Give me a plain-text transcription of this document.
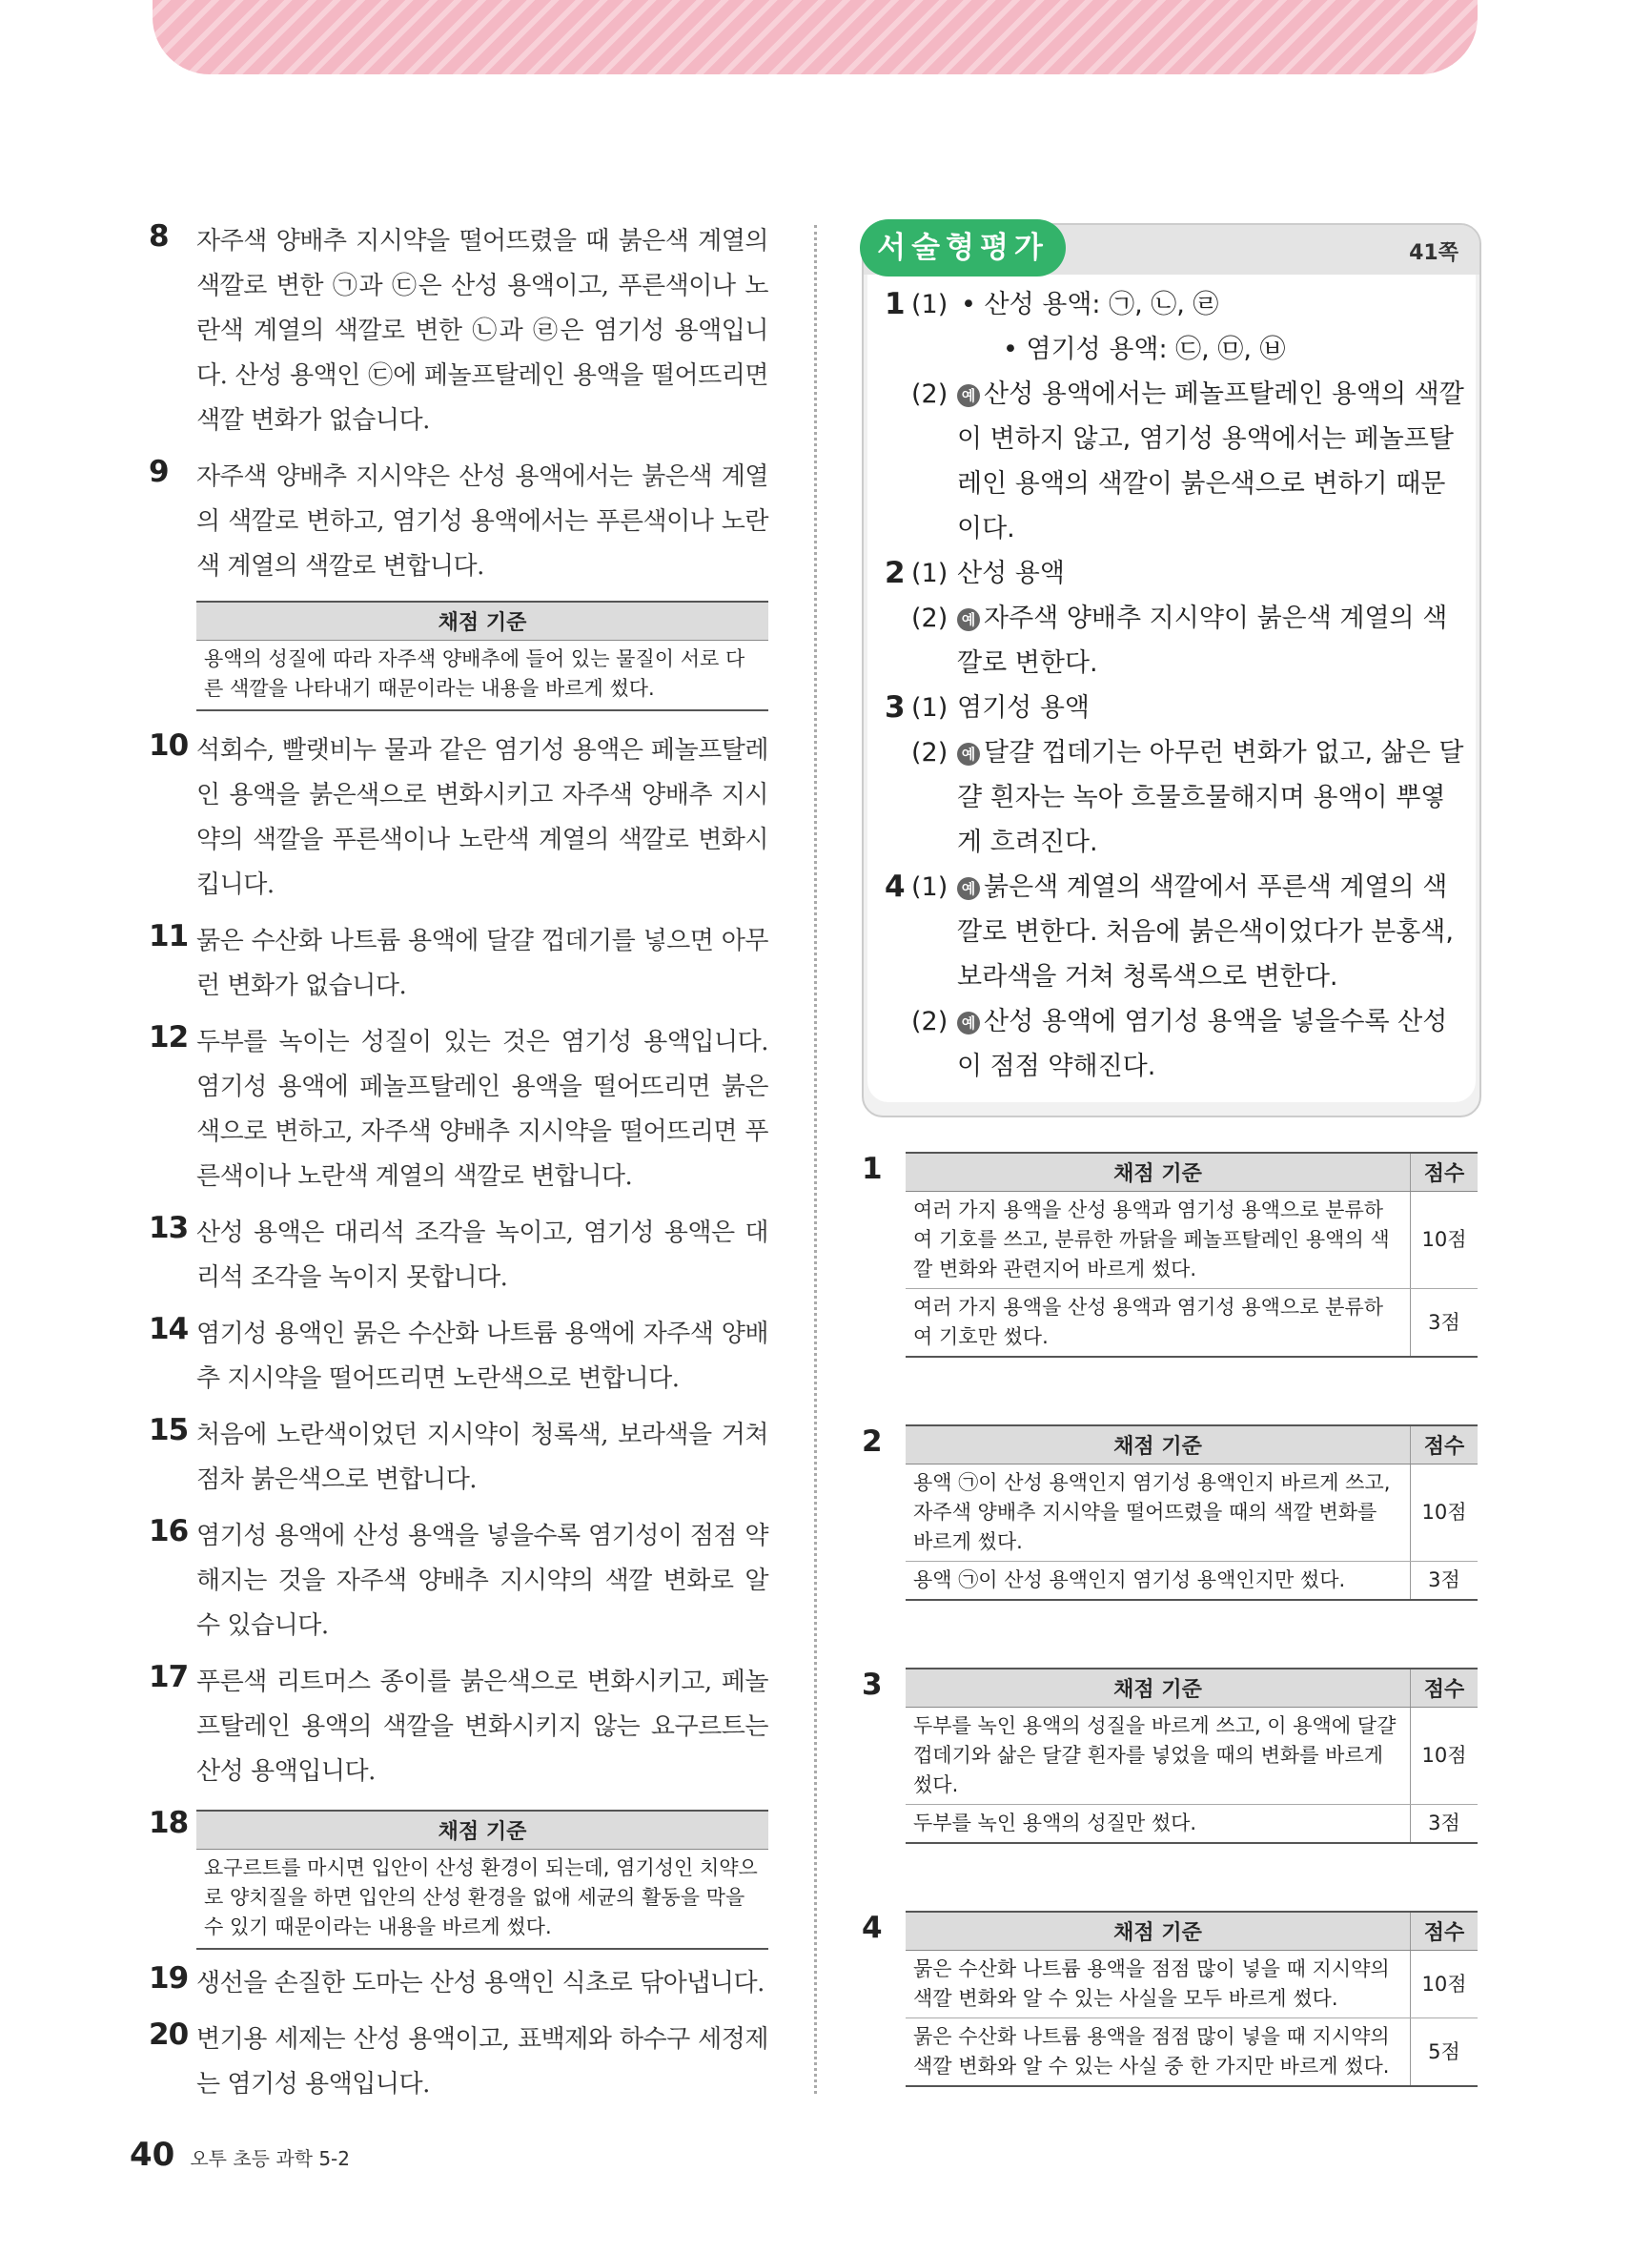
8 자주색 양배추 지시약을 떨어뜨렸을 때 붉은색 계열의 색깔로 변한 ㉠과 ㉢은 산성 용액이고, 푸른색이나 노란색 계열의 색깔로 변한 ㉡과 ㉣은 염기성 용액입니다. 산성 용액인 ㉢에 페놀프탈레인 용액을 떨어뜨리면 색깔 변화가 없습니다.

9 자주색 양배추 지시약은 산성 용액에서는 붉은색 계열의 색깔로 변하고, 염기성 용액에서는 푸른색이나 노란색 계열의 색깔로 변합니다.

채점 기준
용액의 성질에 따라 자주색 양배추에 들어 있는 물질이 서로 다른 색깔을 나타내기 때문이라는 내용을 바르게 썼다.
10 석회수, 빨랫비누 물과 같은 염기성 용액은 페놀프탈레인 용액을 붉은색으로 변화시키고 자주색 양배추 지시약의 색깔을 푸른색이나 노란색 계열의 색깔로 변화시킵니다.

11 묽은 수산화 나트륨 용액에 달걀 껍데기를 넣으면 아무런 변화가 없습니다.

12 두부를 녹이는 성질이 있는 것은 염기성 용액입니다. 염기성 용액에 페놀프탈레인 용액을 떨어뜨리면 붉은색으로 변하고, 자주색 양배추 지시약을 떨어뜨리면 푸른색이나 노란색 계열의 색깔로 변합니다.

13 산성 용액은 대리석 조각을 녹이고, 염기성 용액은 대리석 조각을 녹이지 못합니다.

14 염기성 용액인 묽은 수산화 나트륨 용액에 자주색 양배추 지시약을 떨어뜨리면 노란색으로 변합니다.

15 처음에 노란색이었던 지시약이 청록색, 보라색을 거쳐 점차 붉은색으로 변합니다.

16 염기성 용액에 산성 용액을 넣을수록 염기성이 점점 약해지는 것을 자주색 양배추 지시약의 색깔 변화로 알 수 있습니다.

17 푸른색 리트머스 종이를 붉은색으로 변화시키고, 페놀프탈레인 용액의 색깔을 변화시키지 않는 요구르트는 산성 용액입니다.

18	채점 기준
요구르트를 마시면 입안이 산성 환경이 되는데, 염기성인 치약으로 양치질을 하면 입안의 산성 환경을 없애 세균의 활동을 막을 수 있기 때문이라는 내용을 바르게 썼다.
19 생선을 손질한 도마는 산성 용액인 식초로 닦아냅니다.

20 변기용 세제는 산성 용액이고, 표백제와 하수구 세정제는 염기성 용액입니다.

서술형평가	41쪽
1 (1) • 산성 용액: ㉠, ㉡, ㉣
• 염기성 용액: ㉢, ㉤, ㉥
(2) 예 산성 용액에서는 페놀프탈레인 용액의 색깔이 변하지 않고, 염기성 용액에서는 페놀프탈레인 용액의 색깔이 붉은색으로 변하기 때문이다.
2 (1) 산성 용액
(2) 예 자주색 양배추 지시약이 붉은색 계열의 색깔로 변한다.
3 (1) 염기성 용액
(2) 예 달걀 껍데기는 아무런 변화가 없고, 삶은 달걀 흰자는 녹아 흐물흐물해지며 용액이 뿌옇게 흐려진다.
4 (1) 예 붉은색 계열의 색깔에서 푸른색 계열의 색깔로 변한다. 처음에 붉은색이었다가 분홍색, 보라색을 거쳐 청록색으로 변한다.
(2) 예 산성 용액에 염기성 용액을 넣을수록 산성이 점점 약해진다.
1	채점 기준	점수
여러 가지 용액을 산성 용액과 염기성 용액으로 분류하여 기호를 쓰고, 분류한 까닭을 페놀프탈레인 용액의 색깔 변화와 관련지어 바르게 썼다.	10점
여러 가지 용액을 산성 용액과 염기성 용액으로 분류하여 기호만 썼다.	3점
2	채점 기준	점수
용액 ㉠이 산성 용액인지 염기성 용액인지 바르게 쓰고, 자주색 양배추 지시약을 떨어뜨렸을 때의 색깔 변화를 바르게 썼다.	10점
용액 ㉠이 산성 용액인지 염기성 용액인지만 썼다.	3점
3	채점 기준	점수
두부를 녹인 용액의 성질을 바르게 쓰고, 이 용액에 달걀 껍데기와 삶은 달걀 흰자를 넣었을 때의 변화를 바르게 썼다.	10점
두부를 녹인 용액의 성질만 썼다.	3점
4	채점 기준	점수
묽은 수산화 나트륨 용액을 점점 많이 넣을 때 지시약의 색깔 변화와 알 수 있는 사실을 모두 바르게 썼다.	10점
묽은 수산화 나트륨 용액을 점점 많이 넣을 때 지시약의 색깔 변화와 알 수 있는 사실 중 한 가지만 바르게 썼다.	5점
40 오투 초등 과학 5-2
